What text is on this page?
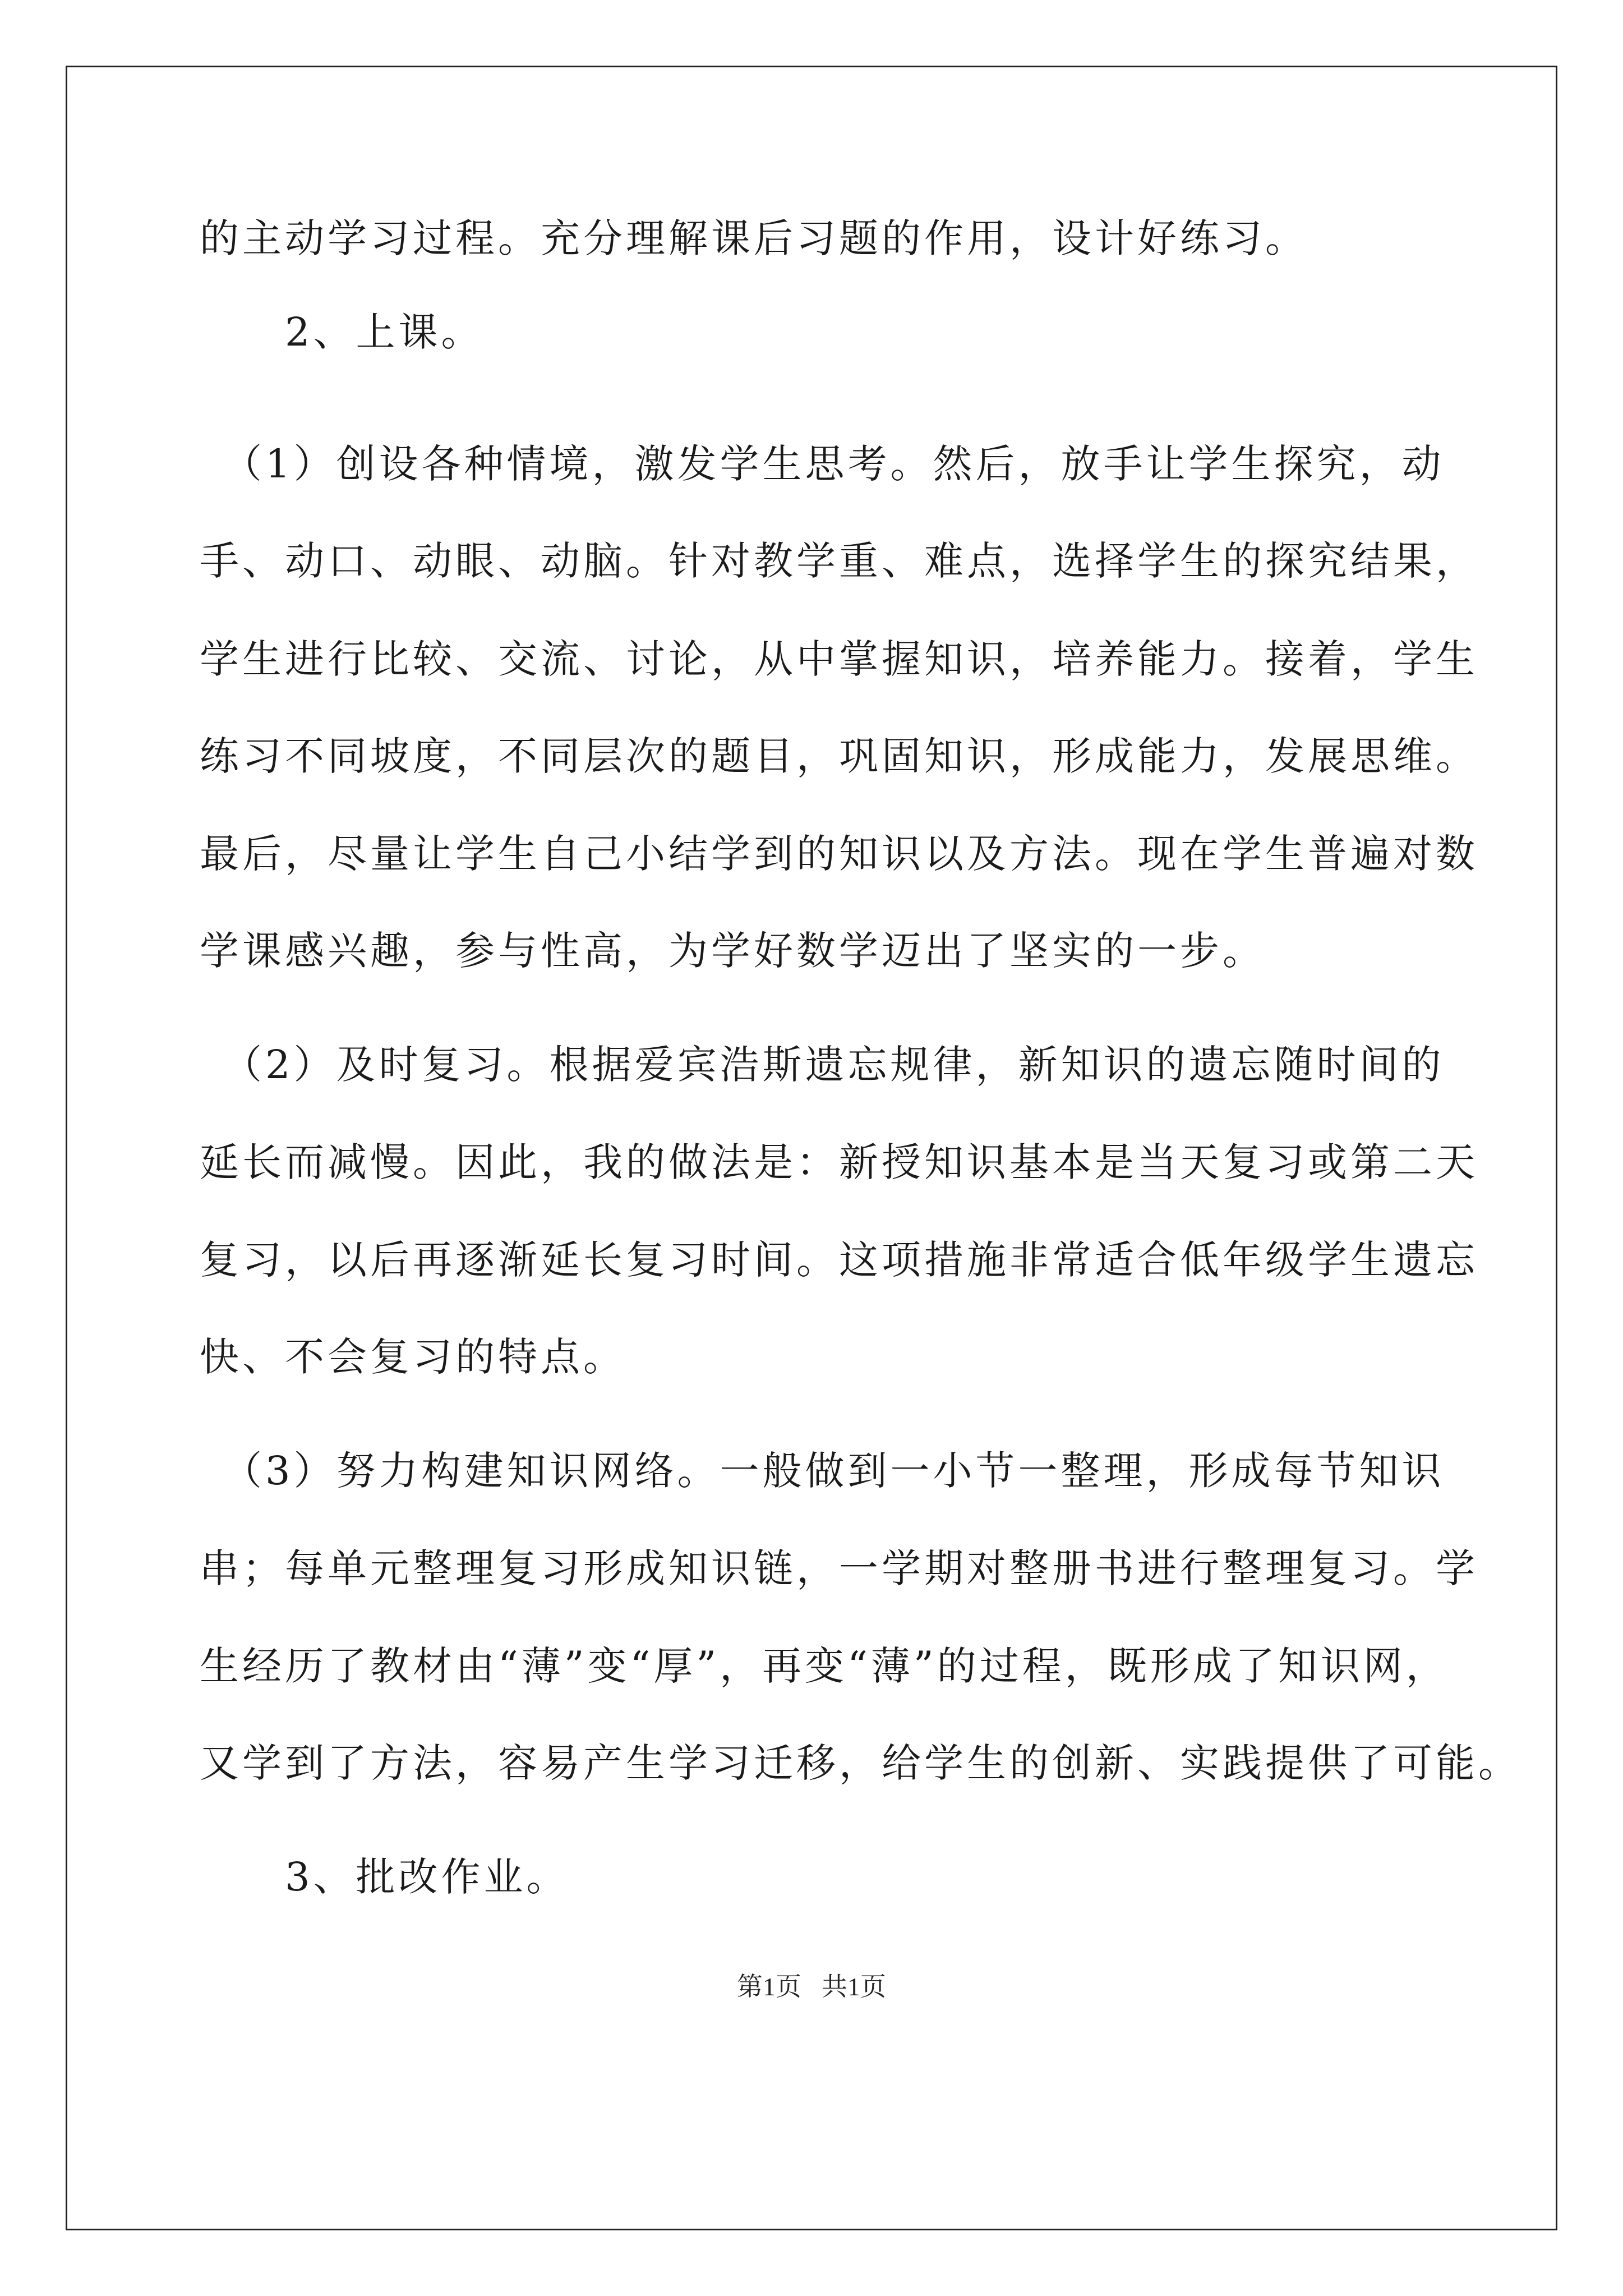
的主动学习过程。充分理解课后习题的作用，设计好练习。
　　2、上课。
　（1）创设各种情境，激发学生思考。然后，放手让学生探究，动
手、动口、动眼、动脑。针对教学重、难点，选择学生的探究结果，
学生进行比较、交流、讨论，从中掌握知识，培养能力。接着，学生
练习不同坡度，不同层次的题目，巩固知识，形成能力，发展思维。
最后，尽量让学生自己小结学到的知识以及方法。现在学生普遍对数
学课感兴趣，参与性高，为学好数学迈出了坚实的一步。
　（2）及时复习。根据爱宾浩斯遗忘规律，新知识的遗忘随时间的
延长而减慢。因此，我的做法是：新授知识基本是当天复习或第二天
复习，以后再逐渐延长复习时间。这项措施非常适合低年级学生遗忘
快、不会复习的特点。
　（3）努力构建知识网络。一般做到一小节一整理，形成每节知识
串；每单元整理复习形成知识链，一学期对整册书进行整理复习。学
生经历了教材由“薄”变“厚”，再变“薄”的过程，既形成了知识网，
又学到了方法，容易产生学习迁移，给学生的创新、实践提供了可能。
　　3、批改作业。
第1页 共1页
